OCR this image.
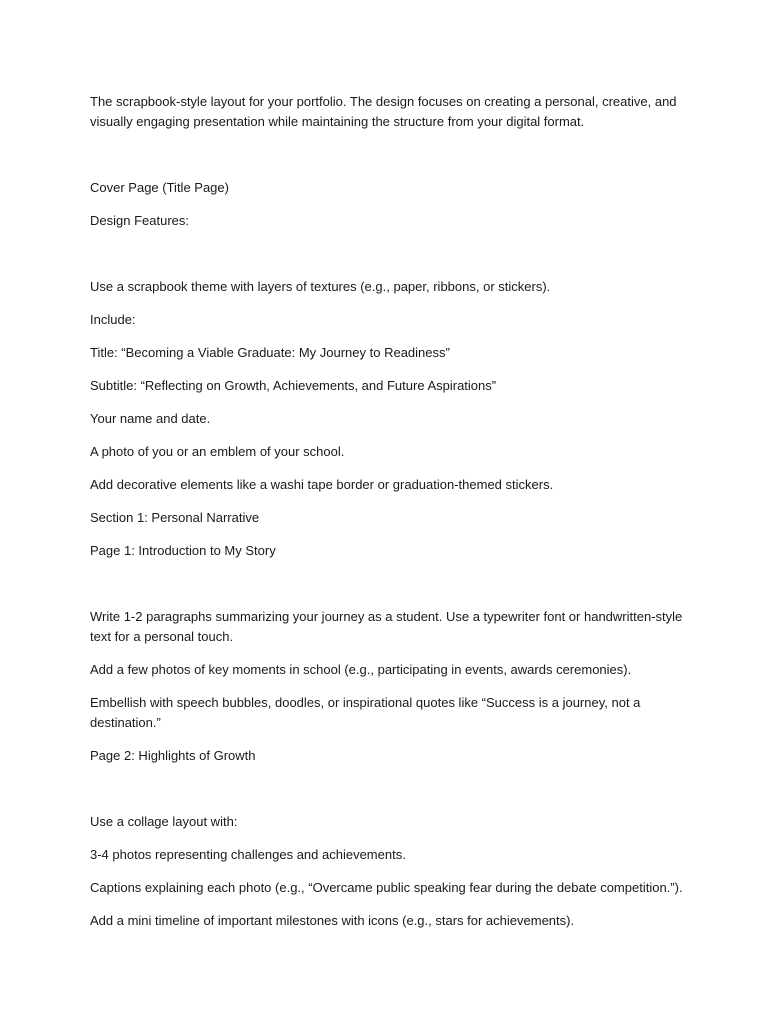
The scrapbook-style layout for your portfolio. The design focuses on creating a personal, creative, and visually engaging presentation while maintaining the structure from your digital format.

Cover Page (Title Page)

Design Features:

Use a scrapbook theme with layers of textures (e.g., paper, ribbons, or stickers).

Include:

Title: “Becoming a Viable Graduate: My Journey to Readiness”

Subtitle: “Reflecting on Growth, Achievements, and Future Aspirations”

Your name and date.

A photo of you or an emblem of your school.

Add decorative elements like a washi tape border or graduation-themed stickers.

Section 1: Personal Narrative

Page 1: Introduction to My Story

Write 1-2 paragraphs summarizing your journey as a student. Use a typewriter font or handwritten-style text for a personal touch.

Add a few photos of key moments in school (e.g., participating in events, awards ceremonies).

Embellish with speech bubbles, doodles, or inspirational quotes like “Success is a journey, not a destination.”

Page 2: Highlights of Growth

Use a collage layout with:

3-4 photos representing challenges and achievements.

Captions explaining each photo (e.g., “Overcame public speaking fear during the debate competition.”).

Add a mini timeline of important milestones with icons (e.g., stars for achievements).
